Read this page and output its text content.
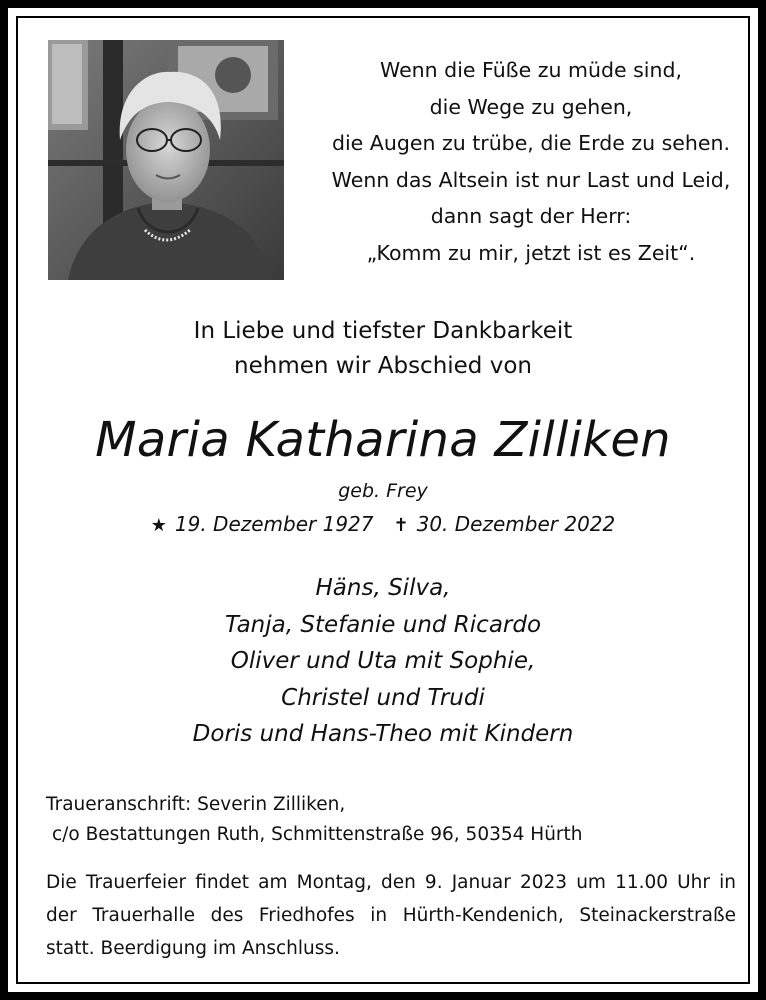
Wenn die Füße zu müde sind,
die Wege zu gehen,
die Augen zu trübe, die Erde zu sehen.
Wenn das Altsein ist nur Last und Leid,
dann sagt der Herr:
„Komm zu mir, jetzt ist es Zeit“.
In Liebe und tiefster Dankbarkeit
nehmen wir Abschied von
Maria Katharina Zilliken
geb. Frey
★ 19. Dezember 1927 ✝ 30. Dezember 2022
Häns, Silva,
Tanja, Stefanie und Ricardo
Oliver und Uta mit Sophie,
Christel und Trudi
Doris und Hans-Theo mit Kindern
Traueranschrift: Severin Zilliken,
c/o Bestattungen Ruth, Schmittenstraße 96, 50354 Hürth
Die Trauerfeier findet am Montag, den 9. Januar 2023 um 11.00 Uhr in
der Trauerhalle des Friedhofes in Hürth-Kendenich, Steinackerstraße
statt. Beerdigung im Anschluss.
